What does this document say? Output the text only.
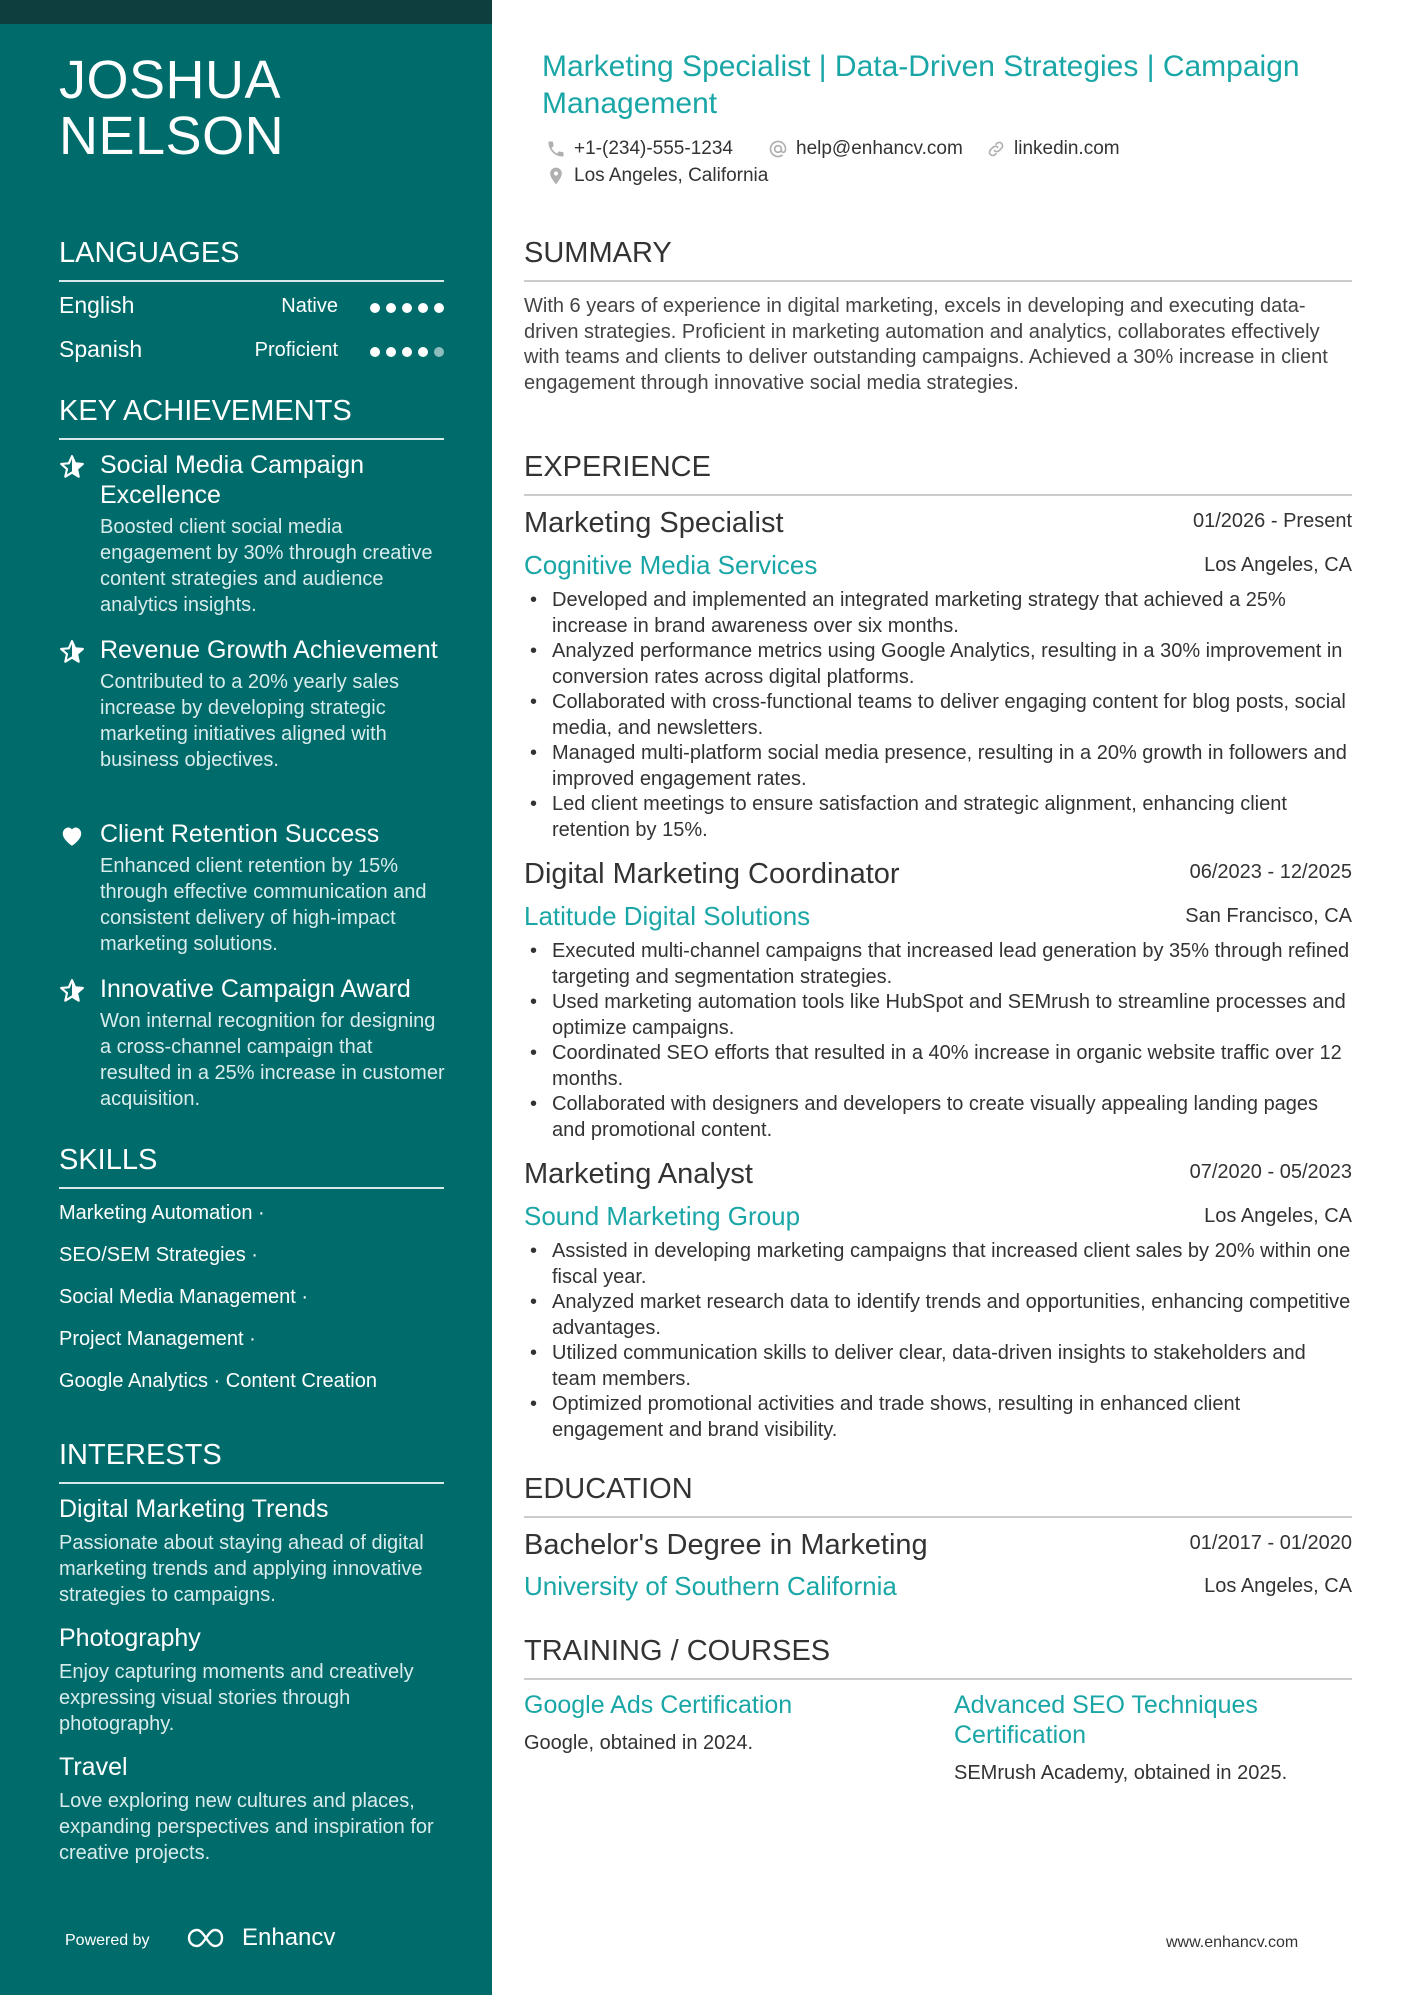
JOSHUA
NELSON
LANGUAGES
English	Native
Spanish	Proficient
KEY ACHIEVEMENTS
Social Media Campaign Excellence
Boosted client social media engagement by 30% through creative content strategies and audience analytics insights.
Revenue Growth Achievement
Contributed to a 20% yearly sales increase by developing strategic marketing initiatives aligned with business objectives.
Client Retention Success
Enhanced client retention by 15% through effective communication and consistent delivery of high-impact marketing solutions.
Innovative Campaign Award
Won internal recognition for designing a cross-channel campaign that resulted in a 25% increase in customer acquisition.
SKILLS
Marketing Automation ·
SEO/SEM Strategies ·
Social Media Management ·
Project Management ·
Google Analytics · Content Creation
INTERESTS
Digital Marketing Trends
Passionate about staying ahead of digital marketing trends and applying innovative strategies to campaigns.
Photography
Enjoy capturing moments and creatively expressing visual stories through photography.
Travel
Love exploring new cultures and places, expanding perspectives and inspiration for creative projects.
Powered by	Enhancv
Marketing Specialist | Data-Driven Strategies | Campaign Management
+1-(234)-555-1234	help@enhancv.com	linkedin.com
Los Angeles, California
SUMMARY
With 6 years of experience in digital marketing, excels in developing and executing data-driven strategies. Proficient in marketing automation and analytics, collaborates effectively with teams and clients to deliver outstanding campaigns. Achieved a 30% increase in client engagement through innovative social media strategies.
EXPERIENCE
Marketing Specialist	01/2026 - Present
Cognitive Media Services	Los Angeles, CA
• Developed and implemented an integrated marketing strategy that achieved a 25% increase in brand awareness over six months.
• Analyzed performance metrics using Google Analytics, resulting in a 30% improvement in conversion rates across digital platforms.
• Collaborated with cross-functional teams to deliver engaging content for blog posts, social media, and newsletters.
• Managed multi-platform social media presence, resulting in a 20% growth in followers and improved engagement rates.
• Led client meetings to ensure satisfaction and strategic alignment, enhancing client retention by 15%.
Digital Marketing Coordinator	06/2023 - 12/2025
Latitude Digital Solutions	San Francisco, CA
• Executed multi-channel campaigns that increased lead generation by 35% through refined targeting and segmentation strategies.
• Used marketing automation tools like HubSpot and SEMrush to streamline processes and optimize campaigns.
• Coordinated SEO efforts that resulted in a 40% increase in organic website traffic over 12 months.
• Collaborated with designers and developers to create visually appealing landing pages and promotional content.
Marketing Analyst	07/2020 - 05/2023
Sound Marketing Group	Los Angeles, CA
• Assisted in developing marketing campaigns that increased client sales by 20% within one fiscal year.
• Analyzed market research data to identify trends and opportunities, enhancing competitive advantages.
• Utilized communication skills to deliver clear, data-driven insights to stakeholders and team members.
• Optimized promotional activities and trade shows, resulting in enhanced client engagement and brand visibility.
EDUCATION
Bachelor's Degree in Marketing	01/2017 - 01/2020
University of Southern California	Los Angeles, CA
TRAINING / COURSES
Google Ads Certification
Google, obtained in 2024.
Advanced SEO Techniques Certification
SEMrush Academy, obtained in 2025.
www.enhancv.com
